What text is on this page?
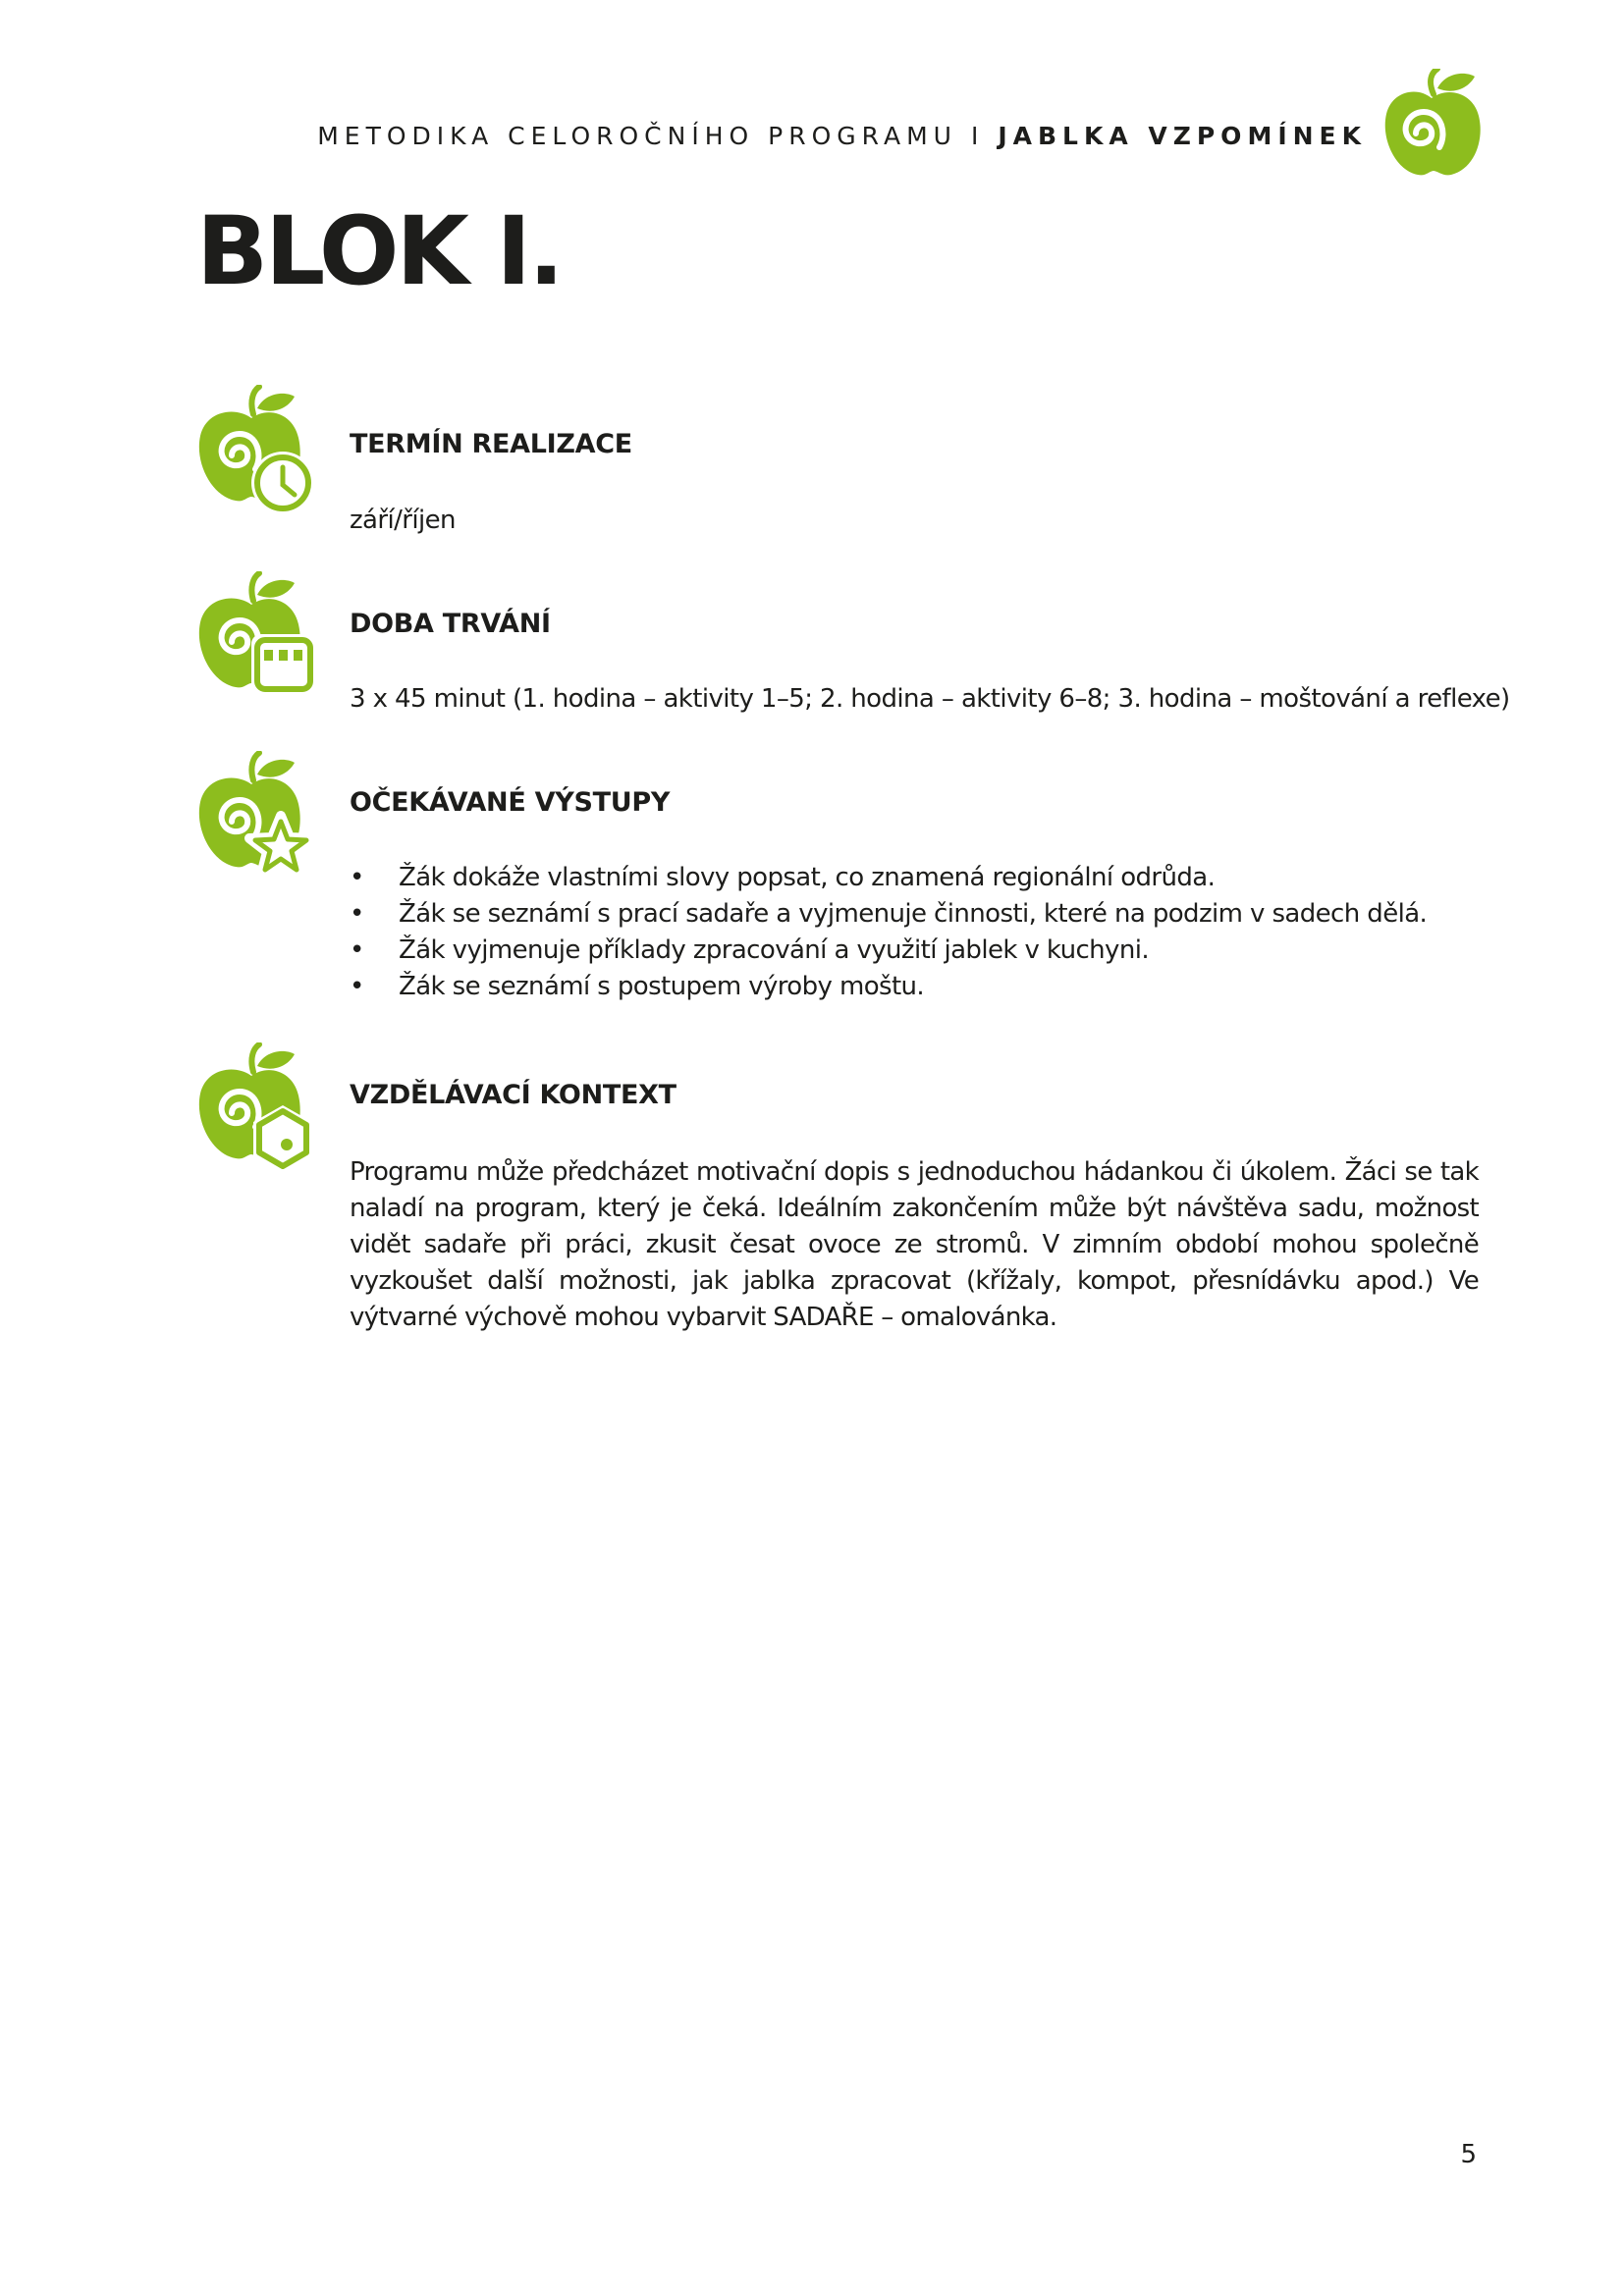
METODIKA CELOROČNÍHO PROGRAMU I JABLKA VZPOMÍNEK
BLOK I.
TERMÍN REALIZACE

září/říjen

DOBA TRVÁNÍ

3 x 45 minut (1. hodina – aktivity 1–5; 2. hodina – aktivity 6–8; 3. hodina – moštování a reflexe)

OČEKÁVANÉ VÝSTUPY
• Žák dokáže vlastními slovy popsat, co znamená regionální odrůda.
• Žák se seznámí s prací sadaře a vyjmenuje činnosti, které na podzim v sadech dělá.
• Žák vyjmenuje příklady zpracování a využití jablek v kuchyni.
• Žák se seznámí s postupem výroby moštu.
VZDĚLÁVACÍ KONTEXT

Programu může předcházet motivační dopis s jednoduchou hádankou či úkolem. Žáci se tak naladí na program, který je čeká. Ideálním zakončením může být návštěva sadu, možnost vidět sadaře při práci, zkusit česat ovoce ze stromů. V zimním období mohou společně vyzkoušet další možnosti, jak jablka zpracovat (křížaly, kompot, přesnídávku apod.) Ve výtvarné výchově mohou vybarvit SADAŘE – omalovánka.

5
